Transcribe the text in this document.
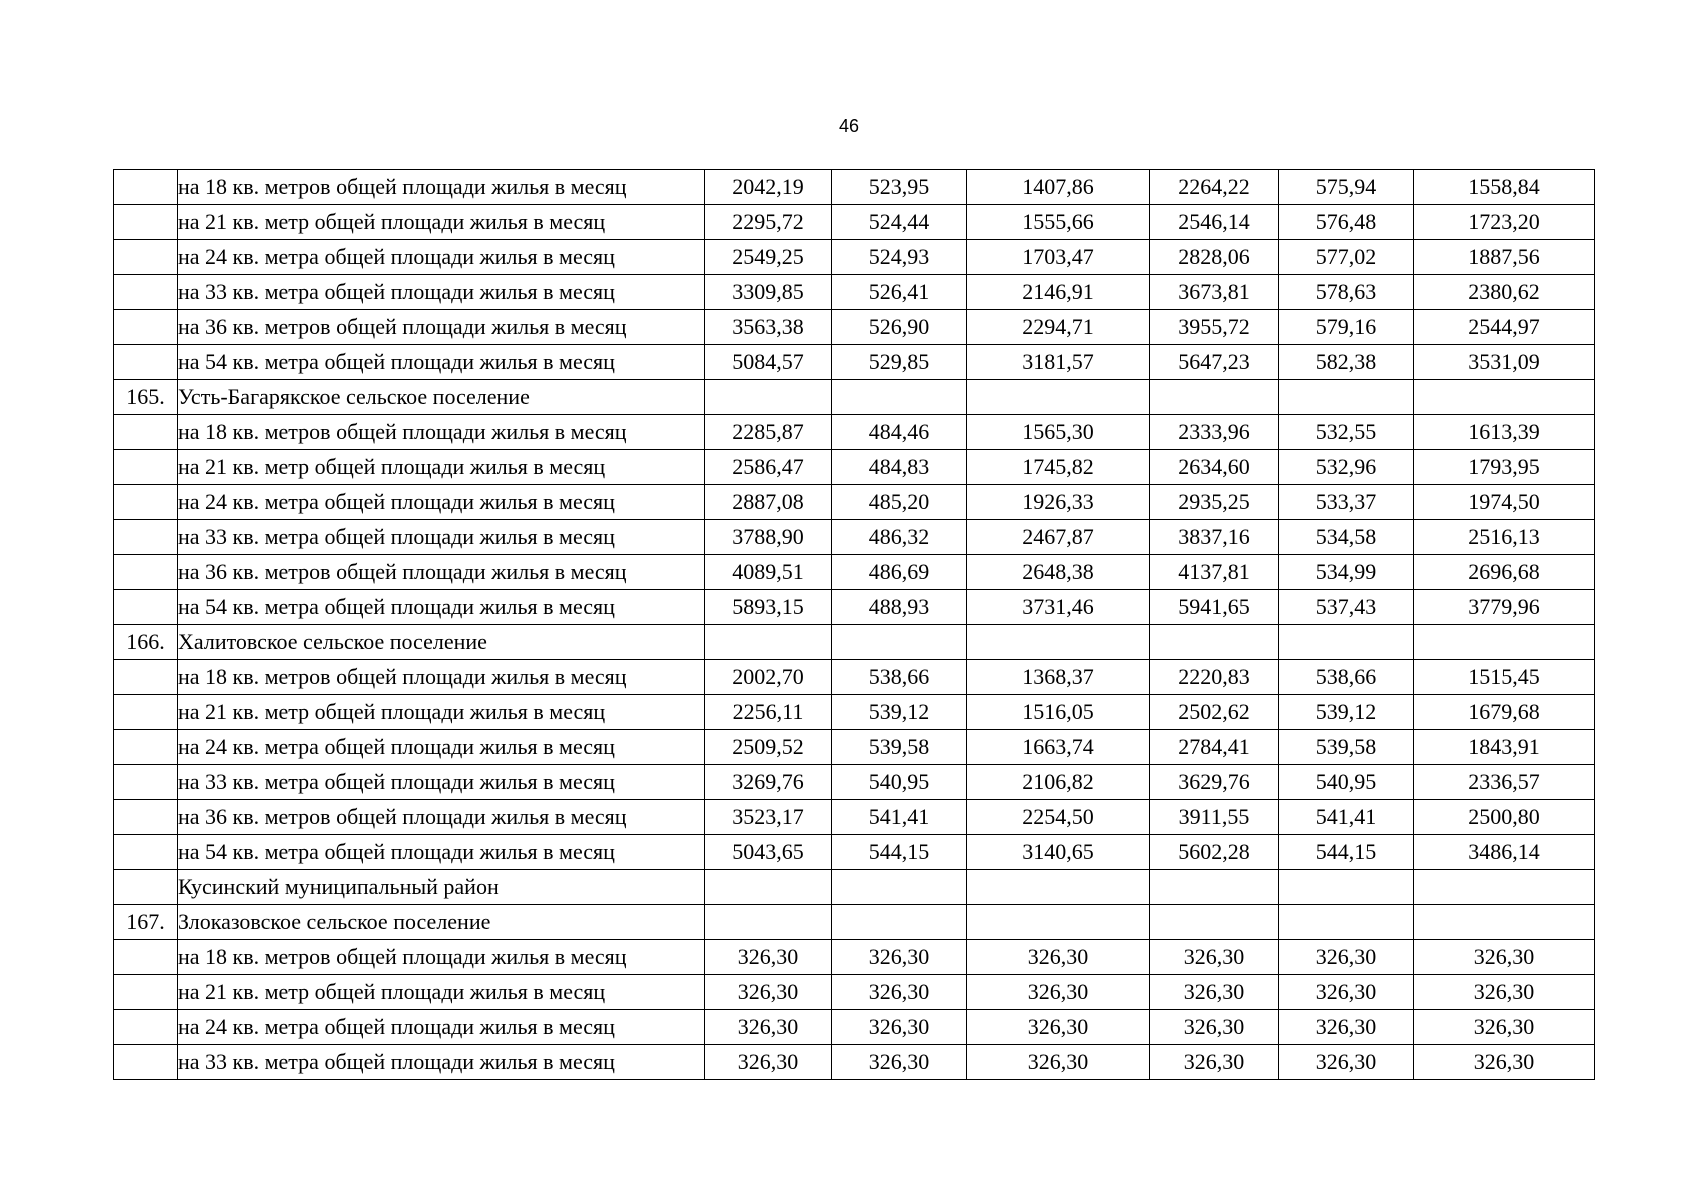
46
	на 18 кв. метров общей площади жилья в месяц	2042,19	523,95	1407,86	2264,22	575,94	1558,84
	на 21 кв. метр общей площади жилья в месяц	2295,72	524,44	1555,66	2546,14	576,48	1723,20
	на 24 кв. метра общей площади жилья в месяц	2549,25	524,93	1703,47	2828,06	577,02	1887,56
	на 33 кв. метра общей площади жилья в месяц	3309,85	526,41	2146,91	3673,81	578,63	2380,62
	на 36 кв. метров общей площади жилья в месяц	3563,38	526,90	2294,71	3955,72	579,16	2544,97
	на 54 кв. метра общей площади жилья в месяц	5084,57	529,85	3181,57	5647,23	582,38	3531,09
165.	Усть-Багарякское сельское поселение						
	на 18 кв. метров общей площади жилья в месяц	2285,87	484,46	1565,30	2333,96	532,55	1613,39
	на 21 кв. метр общей площади жилья в месяц	2586,47	484,83	1745,82	2634,60	532,96	1793,95
	на 24 кв. метра общей площади жилья в месяц	2887,08	485,20	1926,33	2935,25	533,37	1974,50
	на 33 кв. метра общей площади жилья в месяц	3788,90	486,32	2467,87	3837,16	534,58	2516,13
	на 36 кв. метров общей площади жилья в месяц	4089,51	486,69	2648,38	4137,81	534,99	2696,68
	на 54 кв. метра общей площади жилья в месяц	5893,15	488,93	3731,46	5941,65	537,43	3779,96
166.	Халитовское сельское поселение						
	на 18 кв. метров общей площади жилья в месяц	2002,70	538,66	1368,37	2220,83	538,66	1515,45
	на 21 кв. метр общей площади жилья в месяц	2256,11	539,12	1516,05	2502,62	539,12	1679,68
	на 24 кв. метра общей площади жилья в месяц	2509,52	539,58	1663,74	2784,41	539,58	1843,91
	на 33 кв. метра общей площади жилья в месяц	3269,76	540,95	2106,82	3629,76	540,95	2336,57
	на 36 кв. метров общей площади жилья в месяц	3523,17	541,41	2254,50	3911,55	541,41	2500,80
	на 54 кв. метра общей площади жилья в месяц	5043,65	544,15	3140,65	5602,28	544,15	3486,14
	Кусинский муниципальный район						
167.	Злоказовское сельское поселение						
	на 18 кв. метров общей площади жилья в месяц	326,30	326,30	326,30	326,30	326,30	326,30
	на 21 кв. метр общей площади жилья в месяц	326,30	326,30	326,30	326,30	326,30	326,30
	на 24 кв. метра общей площади жилья в месяц	326,30	326,30	326,30	326,30	326,30	326,30
	на 33 кв. метра общей площади жилья в месяц	326,30	326,30	326,30	326,30	326,30	326,30
